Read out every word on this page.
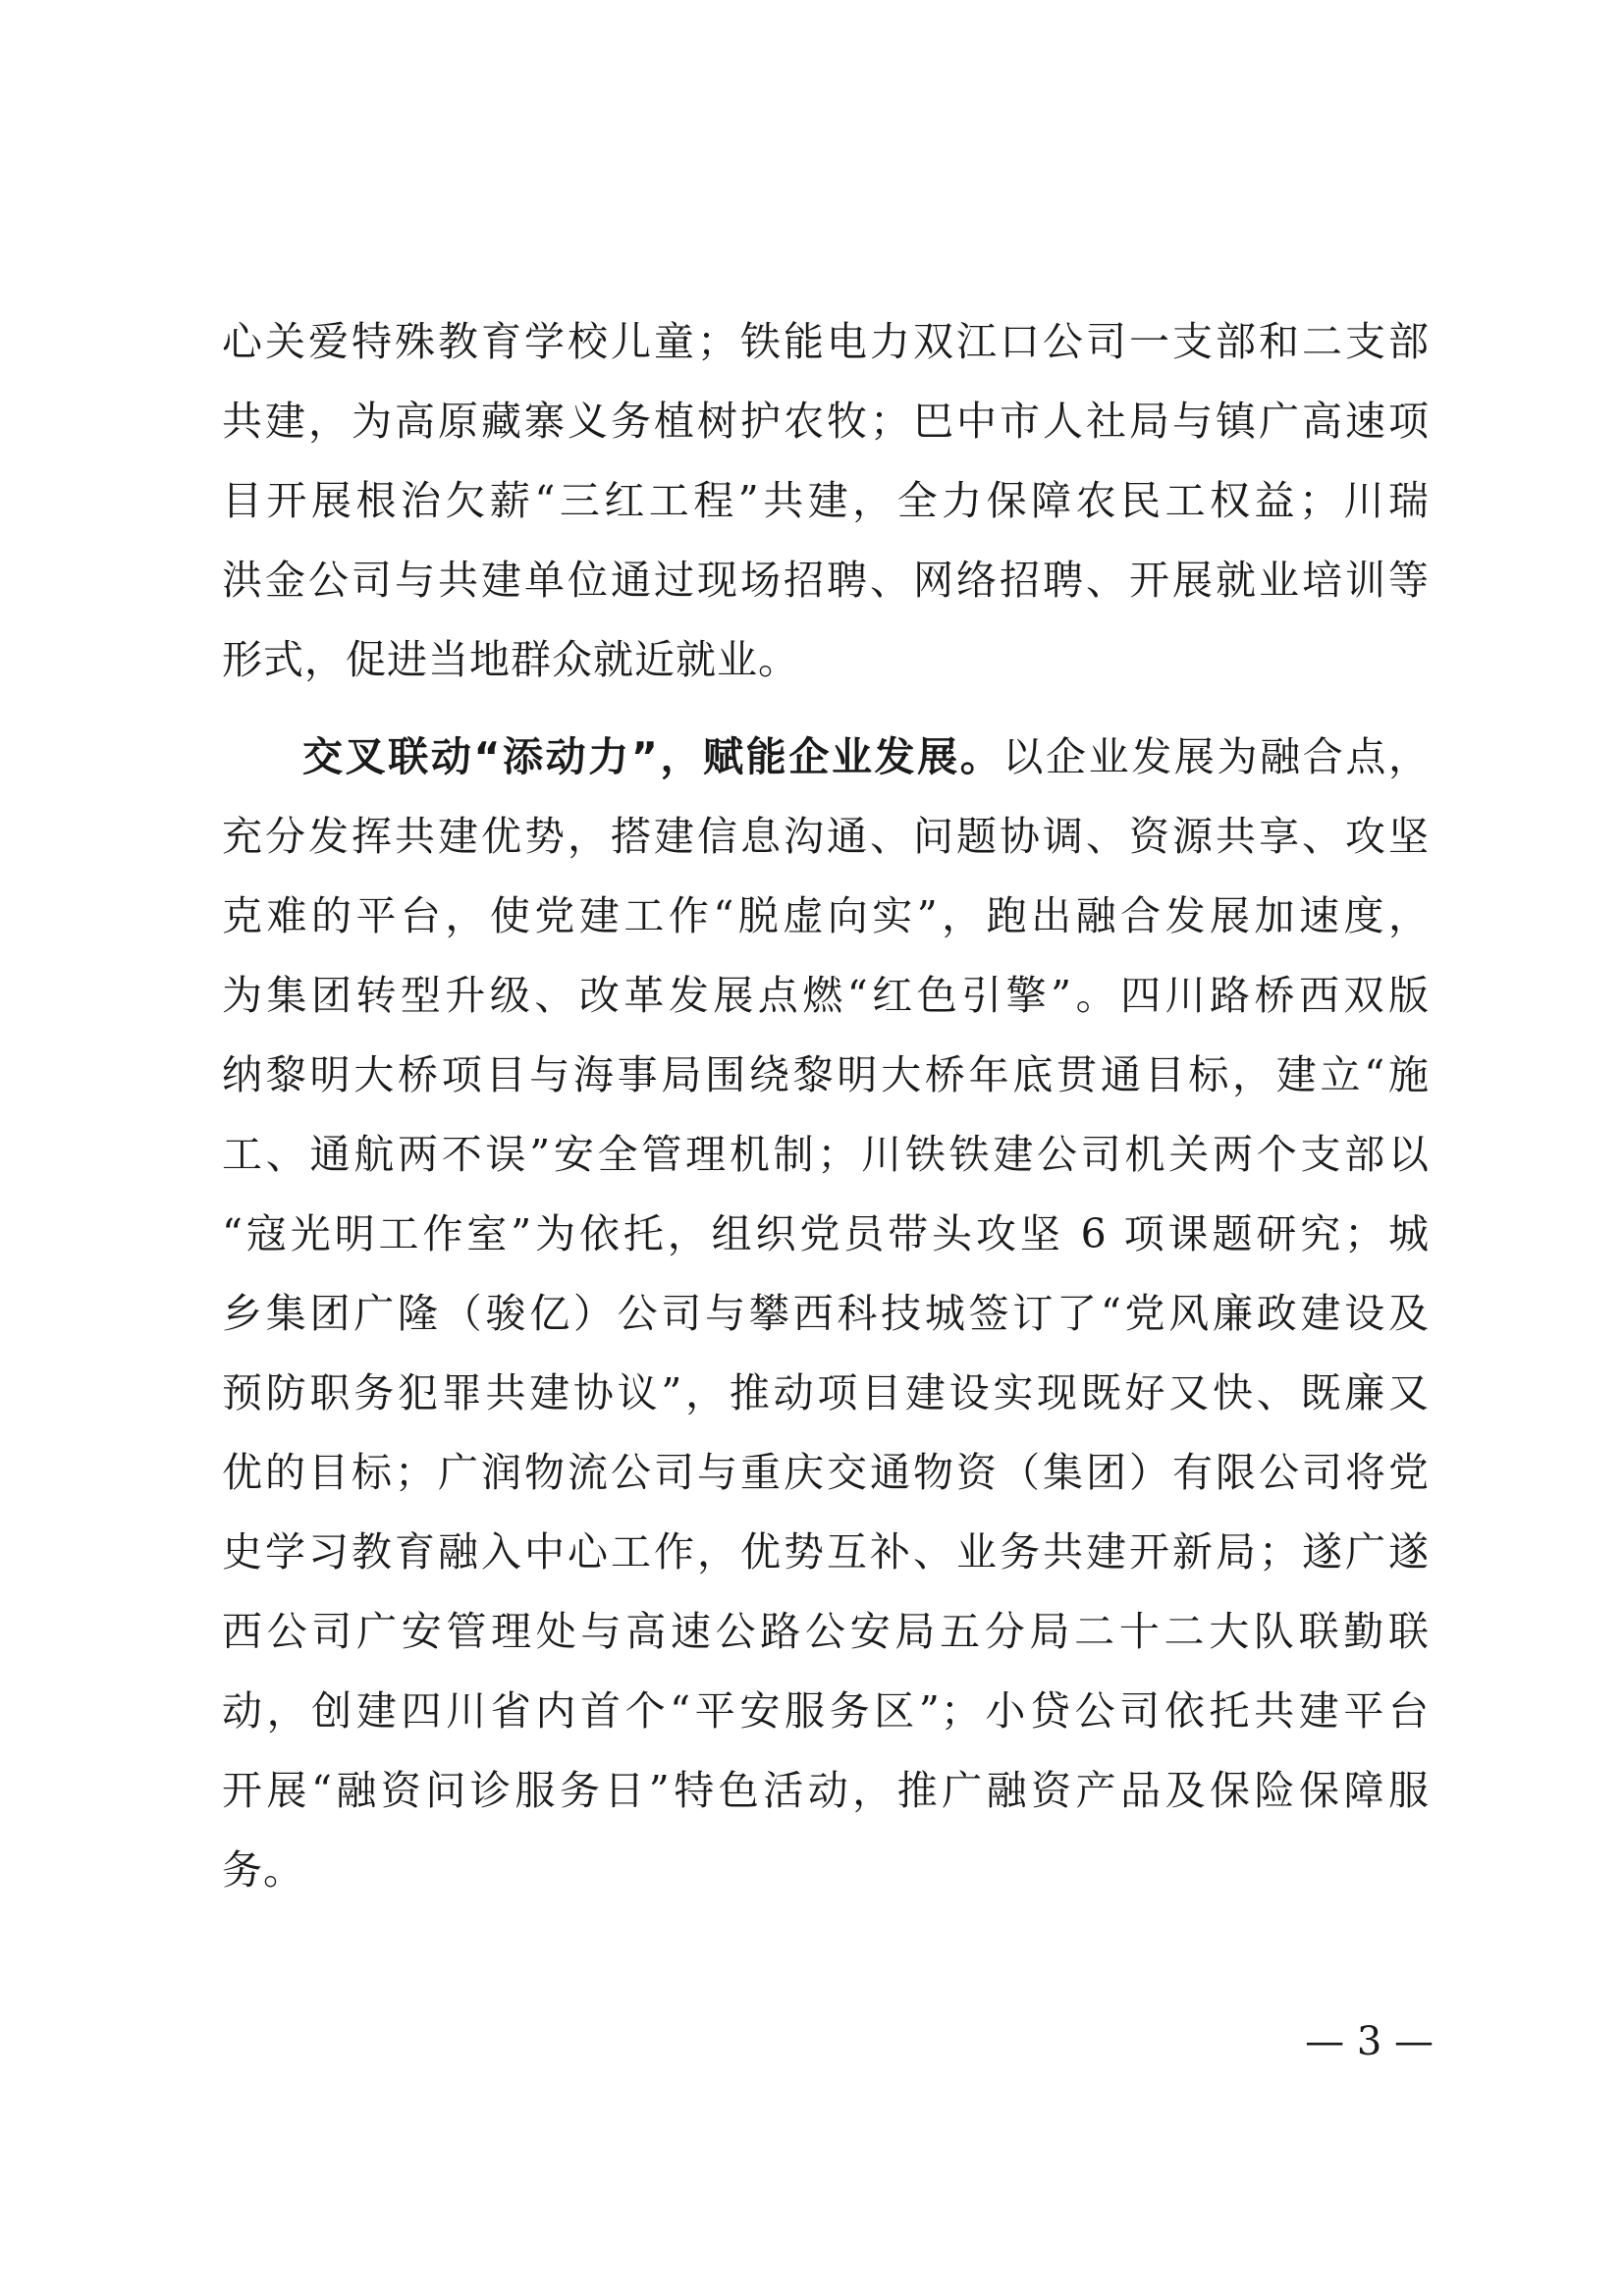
心关爱特殊教育学校儿童；铁能电力双江口公司一支部和二支部
共建，为高原藏寨义务植树护农牧；巴中市人社局与镇广高速项
目开展根治欠薪“三红工程”共建，全力保障农民工权益；川瑞
洪金公司与共建单位通过现场招聘、网络招聘、开展就业培训等
形式，促进当地群众就近就业。
交叉联动“添动力”，赋能企业发展。以企业发展为融合点，
充分发挥共建优势，搭建信息沟通、问题协调、资源共享、攻坚
克难的平台，使党建工作“脱虚向实”，跑出融合发展加速度，
为集团转型升级、改革发展点燃“红色引擎”。四川路桥西双版
纳黎明大桥项目与海事局围绕黎明大桥年底贯通目标，建立“施
工、通航两不误”安全管理机制；川铁铁建公司机关两个支部以
“寇光明工作室”为依托，组织党员带头攻坚 6 项课题研究；城
乡集团广隆（骏亿）公司与攀西科技城签订了“党风廉政建设及
预防职务犯罪共建协议”，推动项目建设实现既好又快、既廉又
优的目标；广润物流公司与重庆交通物资（集团）有限公司将党
史学习教育融入中心工作，优势互补、业务共建开新局；遂广遂
西公司广安管理处与高速公路公安局五分局二十二大队联勤联
动，创建四川省内首个“平安服务区”；小贷公司依托共建平台
开展“融资问诊服务日”特色活动，推广融资产品及保险保障服
务。
— 3 —
